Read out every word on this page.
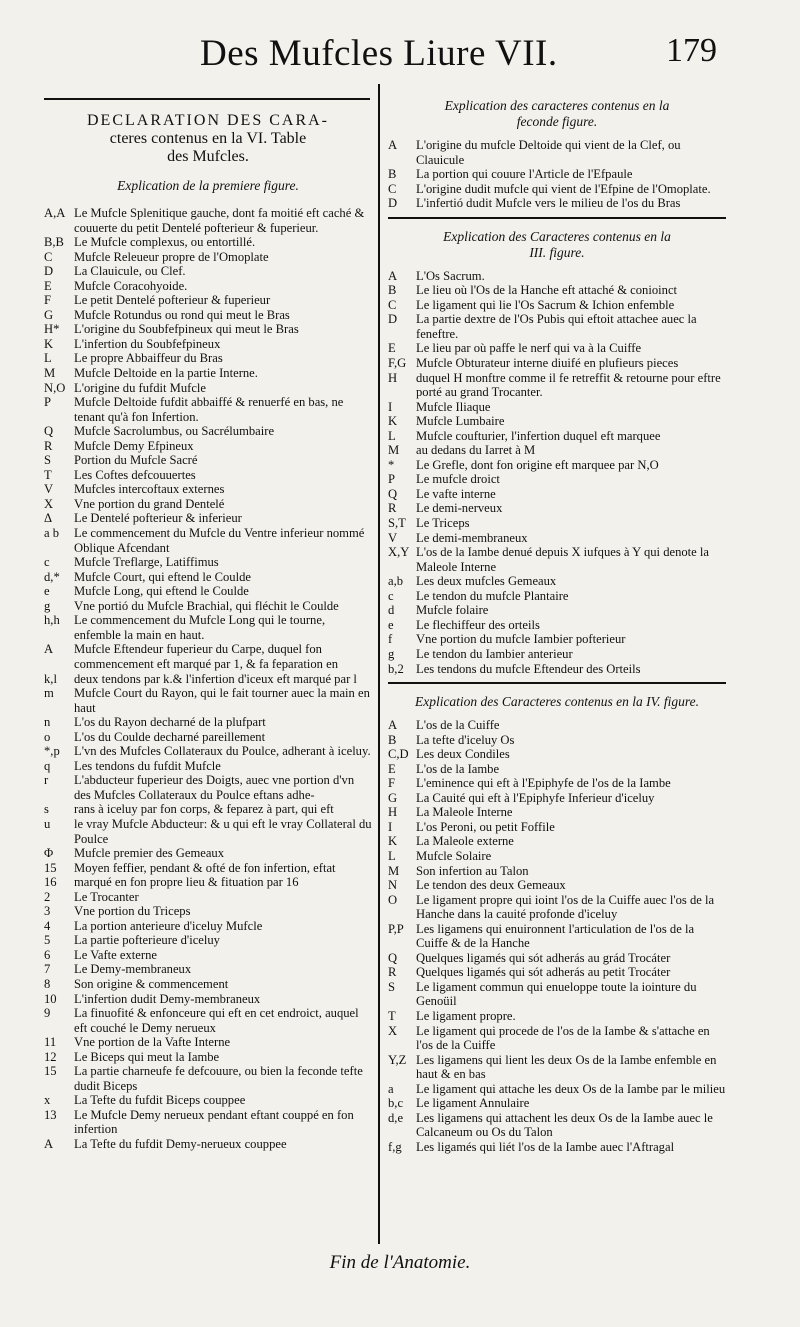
Des Mufcles Liure VII.	179
DECLARATION DES CARA-
cteres contenus en la VI. Table
des Mufcles.
Explication de la premiere figure.
A,A Le Mufcle Splenitique gauche, dont fa moitié eft caché & couuerte du petit Dentelé pofterieur & fuperieur.
B,B Le Mufcle complexus, ou entortillé.
C	Mufcle Releueur propre de l'Omoplate
D	La Clauicule, ou Clef.
E	Mufcle Coracohyoide.
F	Le petit Dentelé pofterieur & fuperieur
G	Mufcle Rotundus ou rond qui meut le Bras
H*	L'origine du Soubfefpineux qui meut le Bras
K	L'infertion du Soubfefpineux
L	Le propre Abbaiffeur du Bras
M	Mufcle Deltoide en la partie Interne.
N,O L'origine du fufdit Mufcle
P	Mufcle Deltoide fufdit abbaiffé & renuerfé en bas, ne tenant qu'à fon Infertion.
Q	Mufcle Sacrolumbus, ou Sacrélumbaire
R	Mufcle Demy Efpineux
S	Portion du Mufcle Sacré
T	Les Coftes defcouuertes
V	Mufcles intercoftaux externes
X	Vne portion du grand Dentelé
Δ	Le Dentelé pofterieur & inferieur
a b	Le commencement du Mufcle du Ventre inferieur nommé Oblique Afcendant
c	Mufcle Treflarge, Latiffimus
d,*	Mufcle Court, qui eftend le Coulde
e	Mufcle Long, qui eftend le Coulde
g	Vne portió du Mufcle Brachial, qui fléchit le Coulde
h,h	Le commencement du Mufcle Long qui le tourne, enfemble la main en haut.
A	Mufcle Eftendeur fuperieur du Carpe, duquel fon commencement eft marqué par 1, & fa feparation en
k,l	deux tendons par k.& l'infertion d'iceux eft marqué par l
m	Mufcle Court du Rayon, qui le fait tourner auec la main en haut
n	L'os du Rayon decharné de la plufpart
o	L'os du Coulde decharné pareillement
*,p	L'vn des Mufcles Collateraux du Poulce, adherant à iceluy.
q	Les tendons du fufdit Mufcle
r	L'abducteur fuperieur des Doigts, auec vne portion d'vn des Mufcles Collateraux du Poulce eftans adhe-
s	rans à iceluy par fon corps, & feparez à part, qui eft
u	le vray Mufcle Abducteur: & u qui eft le vray Collateral du Poulce
Φ	Mufcle premier des Gemeaux
15	Moyen feffier, pendant & ofté de fon infertion, eftat
16	marqué en fon propre lieu & fituation par 16
2	Le Trocanter
3	Vne portion du Triceps
4	La portion anterieure d'iceluy Mufcle
5	La partie pofterieure d'iceluy
6	Le Vafte externe
7	Le Demy-membraneux
8	Son origine & commencement
10	L'infertion dudit Demy-membraneux
9	La finuofité & enfonceure qui eft en cet endroict, auquel eft couché le Demy nerueux
11	Vne portion de la Vafte Interne
12	Le Biceps qui meut la Iambe
15	La partie charneufe fe defcouure, ou bien la feconde tefte dudit Biceps
x	La Tefte du fufdit Biceps couppee
13	Le Mufcle Demy nerueux pendant eftant couppé en fon infertion
A	La Tefte du fufdit Demy-nerueux couppee
Explication des caracteres contenus en la
feconde figure.
A	L'origine du mufcle Deltoide qui vient de la Clef, ou Clauicule
B	La portion qui couure l'Article de l'Efpaule
C	L'origine dudit mufcle qui vient de l'Efpine de l'Omoplate.
D	L'infertió dudit Mufcle vers le milieu de l'os du Bras
Explication des Caracteres contenus en la
III. figure.
A	L'Os Sacrum.
B	Le lieu où l'Os de la Hanche eft attaché & conioinct
C	Le ligament qui lie l'Os Sacrum & Ichion enfemble
D	La partie dextre de l'Os Pubis qui eftoit attachee auec la feneftre.
E	Le lieu par où paffe le nerf qui va à la Cuiffe
F,G Mufcle Obturateur interne diuifé en plufieurs pieces
H	duquel H monftre comme il fe retreffit & retourne pour eftre porté au grand Trocanter.
I	Mufcle Iliaque
K	Mufcle Lumbaire
L	Mufcle coufturier, l'infertion duquel eft marquee
M	au dedans du Iarret à M
*	Le Grefle, dont fon origine eft marquee par N,O
P	Le mufcle droict
Q	Le vafte interne
R	Le demi-nerveux
S,T Le Triceps
V	Le demi-membraneux
X,Y L'os de la Iambe denué depuis X iufques à Y qui denote la Maleole Interne
a,b	Les deux mufcles Gemeaux
c	Le tendon du mufcle Plantaire
d	Mufcle folaire
e	Le flechiffeur des orteils
f	Vne portion du mufcle Iambier pofterieur
g	Le tendon du Iambier anterieur
b,2 Les tendons du mufcle Eftendeur des Orteils
Explication des Caracteres contenus en la IV. figure.
A	L'os de la Cuiffe
B	La tefte d'iceluy Os
C,D Les deux Condiles
E	L'os de la Iambe
F	L'eminence qui eft à l'Epiphyfe de l'os de la Iambe
G	La Cauité qui eft à l'Epiphyfe Inferieur d'iceluy
H	La Maleole Interne
I	L'os Peroni, ou petit Foffile
K	La Maleole externe
L	Mufcle Solaire
M	Son infertion au Talon
N	Le tendon des deux Gemeaux
O	Le ligament propre qui ioint l'os de la Cuiffe auec l'os de la Hanche dans la cauité profonde d'iceluy
P,P Les ligamens qui enuironnent l'articulation de l'os de la Cuiffe & de la Hanche
Q	Quelques ligamés qui sót adherás au grád Trocáter
R	Quelques ligamés qui sót adherás au petit Trocáter
S	Le ligament commun qui enueloppe toute la iointure du Genoüil
T	Le ligament propre.
X	Le ligament qui procede de l'os de la Iambe & s'attache en l'os de la Cuiffe
Y,Z Les ligamens qui lient les deux Os de la Iambe enfemble en haut & en bas
a	Le ligament qui attache les deux Os de la Iambe par le milieu
b,c	Le ligament Annulaire
d,e	Les ligamens qui attachent les deux Os de la Iambe auec le Calcaneum ou Os du Talon
f,g	Les ligamés qui liét l'os de la Iambe auec l'Aftragal
Fin de l'Anatomie.
